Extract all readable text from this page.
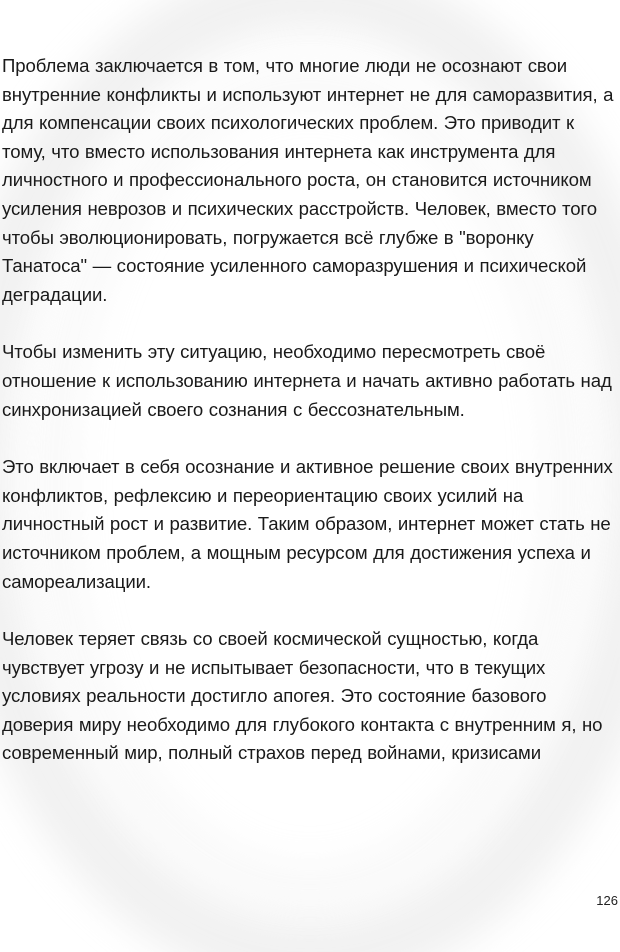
Проблема заключается в том, что многие люди не осознают свои внутренние конфликты и используют интернет не для саморазвития, а для компенсации своих психологических проблем. Это приводит к тому, что вместо использования интернета как инструмента для личностного и профессионального роста, он становится источником усиления неврозов и психических расстройств. Человек, вместо того чтобы эволюционировать, погружается всё глубже в "воронку Танатоса" — состояние усиленного саморазрушения и психической деградации.

Чтобы изменить эту ситуацию, необходимо пересмотреть своё отношение к использованию интернета и начать активно работать над синхронизацией своего сознания с бессознательным.

Это включает в себя осознание и активное решение своих внутренних конфликтов, рефлексию и переориентацию своих усилий на личностный рост и развитие. Таким образом, интернет может стать не источником проблем, а мощным ресурсом для достижения успеха и самореализации.

Человек теряет связь со своей космической сущностью, когда чувствует угрозу и не испытывает безопасности, что в текущих условиях реальности достигло апогея. Это состояние базового доверия миру необходимо для глубокого контакта с внутренним я, но современный мир, полный страхов перед войнами, кризисами

126
